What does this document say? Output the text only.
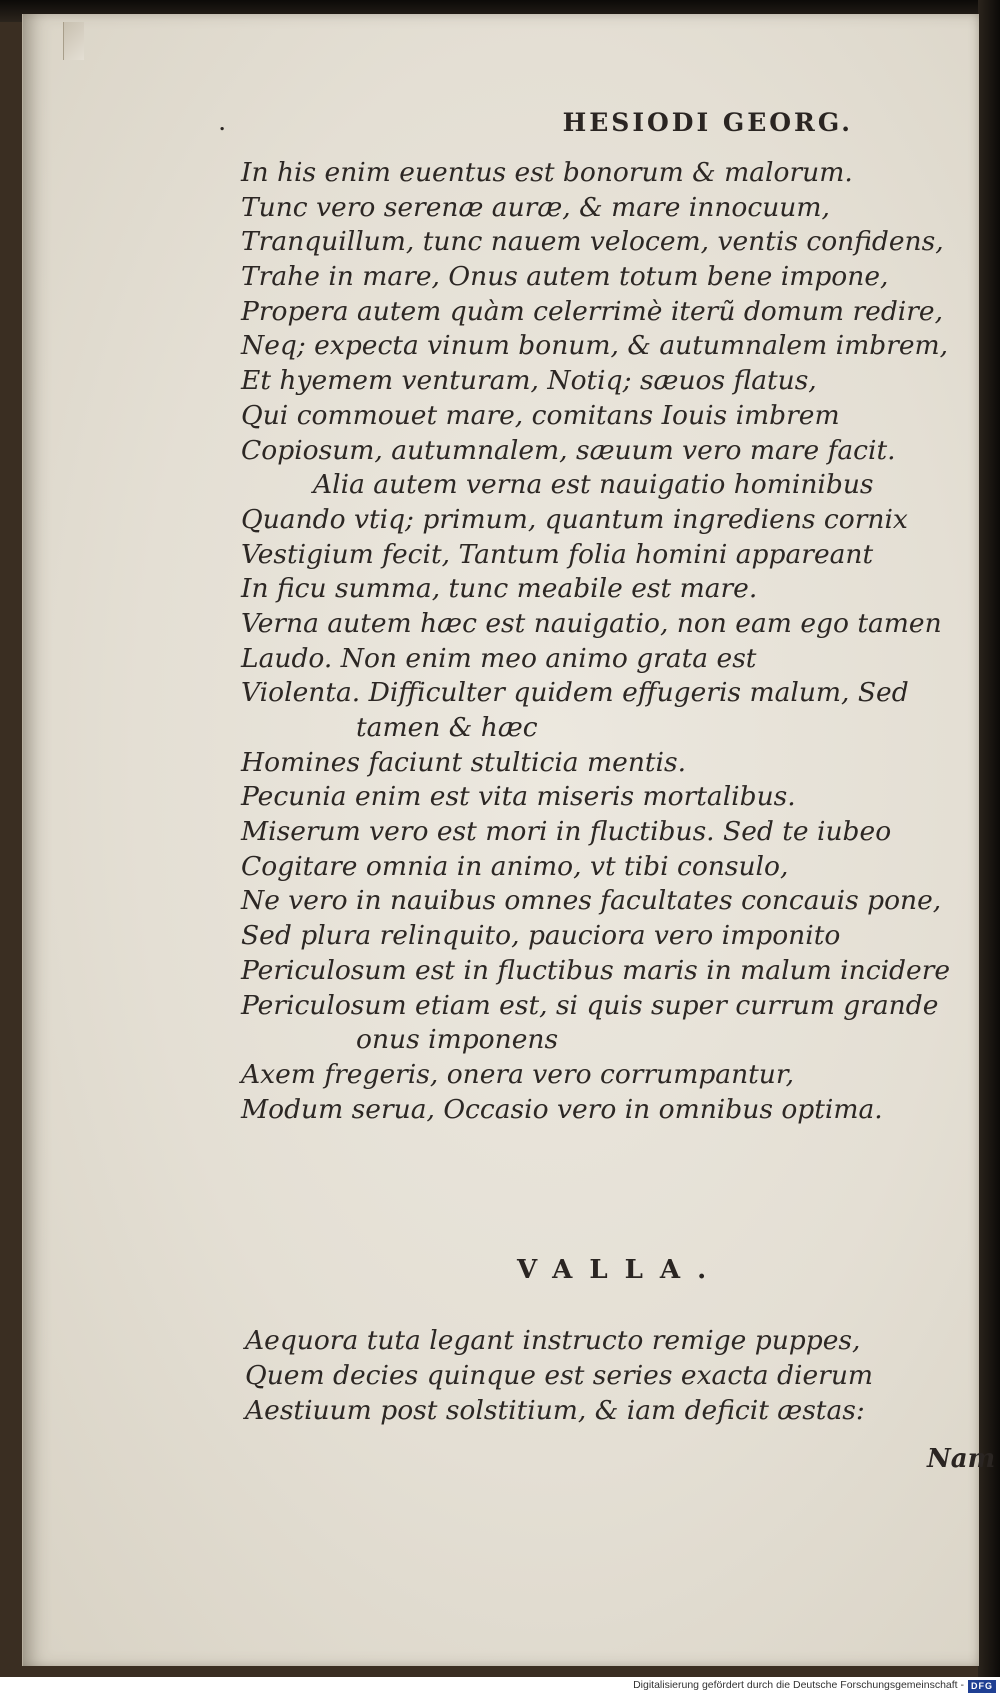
.	HESIODI GEORG.
In his enim euentus est bonorum & malorum.
Tunc vero serenæ auræ, & mare innocuum,
Tranquillum, tunc nauem velocem, ventis confidens,
Trahe in mare, Onus autem totum bene impone,
Propera autem quàm celerrimè iterũ domum redire,
Neq; expecta vinum bonum, & autumnalem imbrem,
Et hyemem venturam, Notiq; sæuos flatus,
Qui commouet mare, comitans Iouis imbrem
Copiosum, autumnalem, sæuum vero mare facit.
Alia autem verna est nauigatio hominibus
Quando vtiq; primum, quantum ingrediens cornix
Vestigium fecit, Tantum folia homini appareant
In ficu summa, tunc meabile est mare.
Verna autem hæc est nauigatio, non eam ego tamen
Laudo. Non enim meo animo grata est
Violenta. Difficulter quidem effugeris malum, Sed
tamen & hæc
Homines faciunt stulticia mentis.
Pecunia enim est vita miseris mortalibus.
Miserum vero est mori in fluctibus. Sed te iubeo
Cogitare omnia in animo, vt tibi consulo,
Ne vero in nauibus omnes facultates concauis pone,
Sed plura relinquito, pauciora vero imponito
Periculosum est in fluctibus maris in malum incidere
Periculosum etiam est, si quis super currum grande
onus imponens
Axem fregeris, onera vero corrumpantur,
Modum serua, Occasio vero in omnibus optima.
VALLA.
Aequora tuta legant instructo remige puppes,
Quem decies quinque est series exacta dierum
Aestiuum post solstitium, & iam deficit æstas:
Nam
Digitalisierung gefördert durch die Deutsche Forschungsgemeinschaft - DFG
